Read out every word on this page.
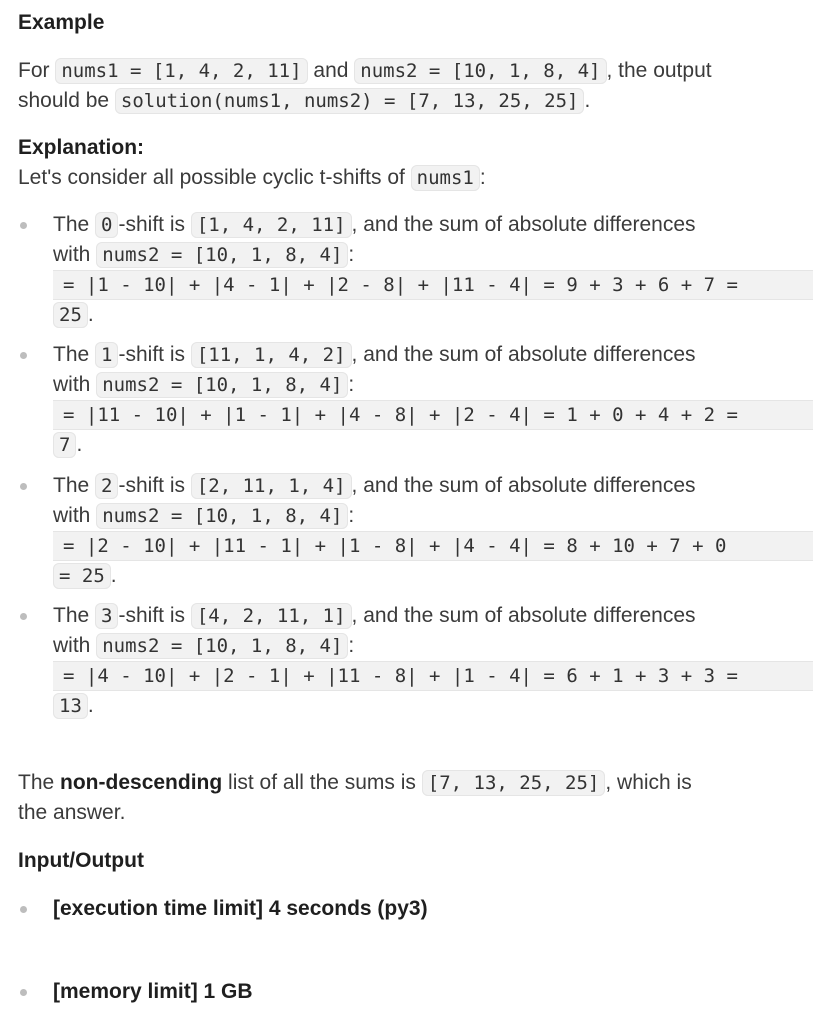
Example
For nums1 = [1, 4, 2, 11] and nums2 = [10, 1, 8, 4] , the output
should be solution(nums1, nums2) = [7, 13, 25, 25] .
Explanation:
Let's consider all possible cyclic t-shifts of nums1 :
The 0 -shift is [1, 4, 2, 11] , and the sum of absolute differences
with nums2 = [10, 1, 8, 4] :
= |1 - 10| + |4 - 1| + |2 - 8| + |11 - 4| = 9 + 3 + 6 + 7 =
25 .
The 1 -shift is [11, 1, 4, 2] , and the sum of absolute differences
with nums2 = [10, 1, 8, 4] :
= |11 - 10| + |1 - 1| + |4 - 8| + |2 - 4| = 1 + 0 + 4 + 2 =
7 .
The 2 -shift is [2, 11, 1, 4] , and the sum of absolute differences
with nums2 = [10, 1, 8, 4] :
= |2 - 10| + |11 - 1| + |1 - 8| + |4 - 4| = 8 + 10 + 7 + 0
= 25 .
The 3 -shift is [4, 2, 11, 1] , and the sum of absolute differences
with nums2 = [10, 1, 8, 4] :
= |4 - 10| + |2 - 1| + |11 - 8| + |1 - 4| = 6 + 1 + 3 + 3 =
13 .
The non-descending list of all the sums is [7, 13, 25, 25] , which is
the answer.
Input/Output
[execution time limit] 4 seconds (py3)
[memory limit] 1 GB
